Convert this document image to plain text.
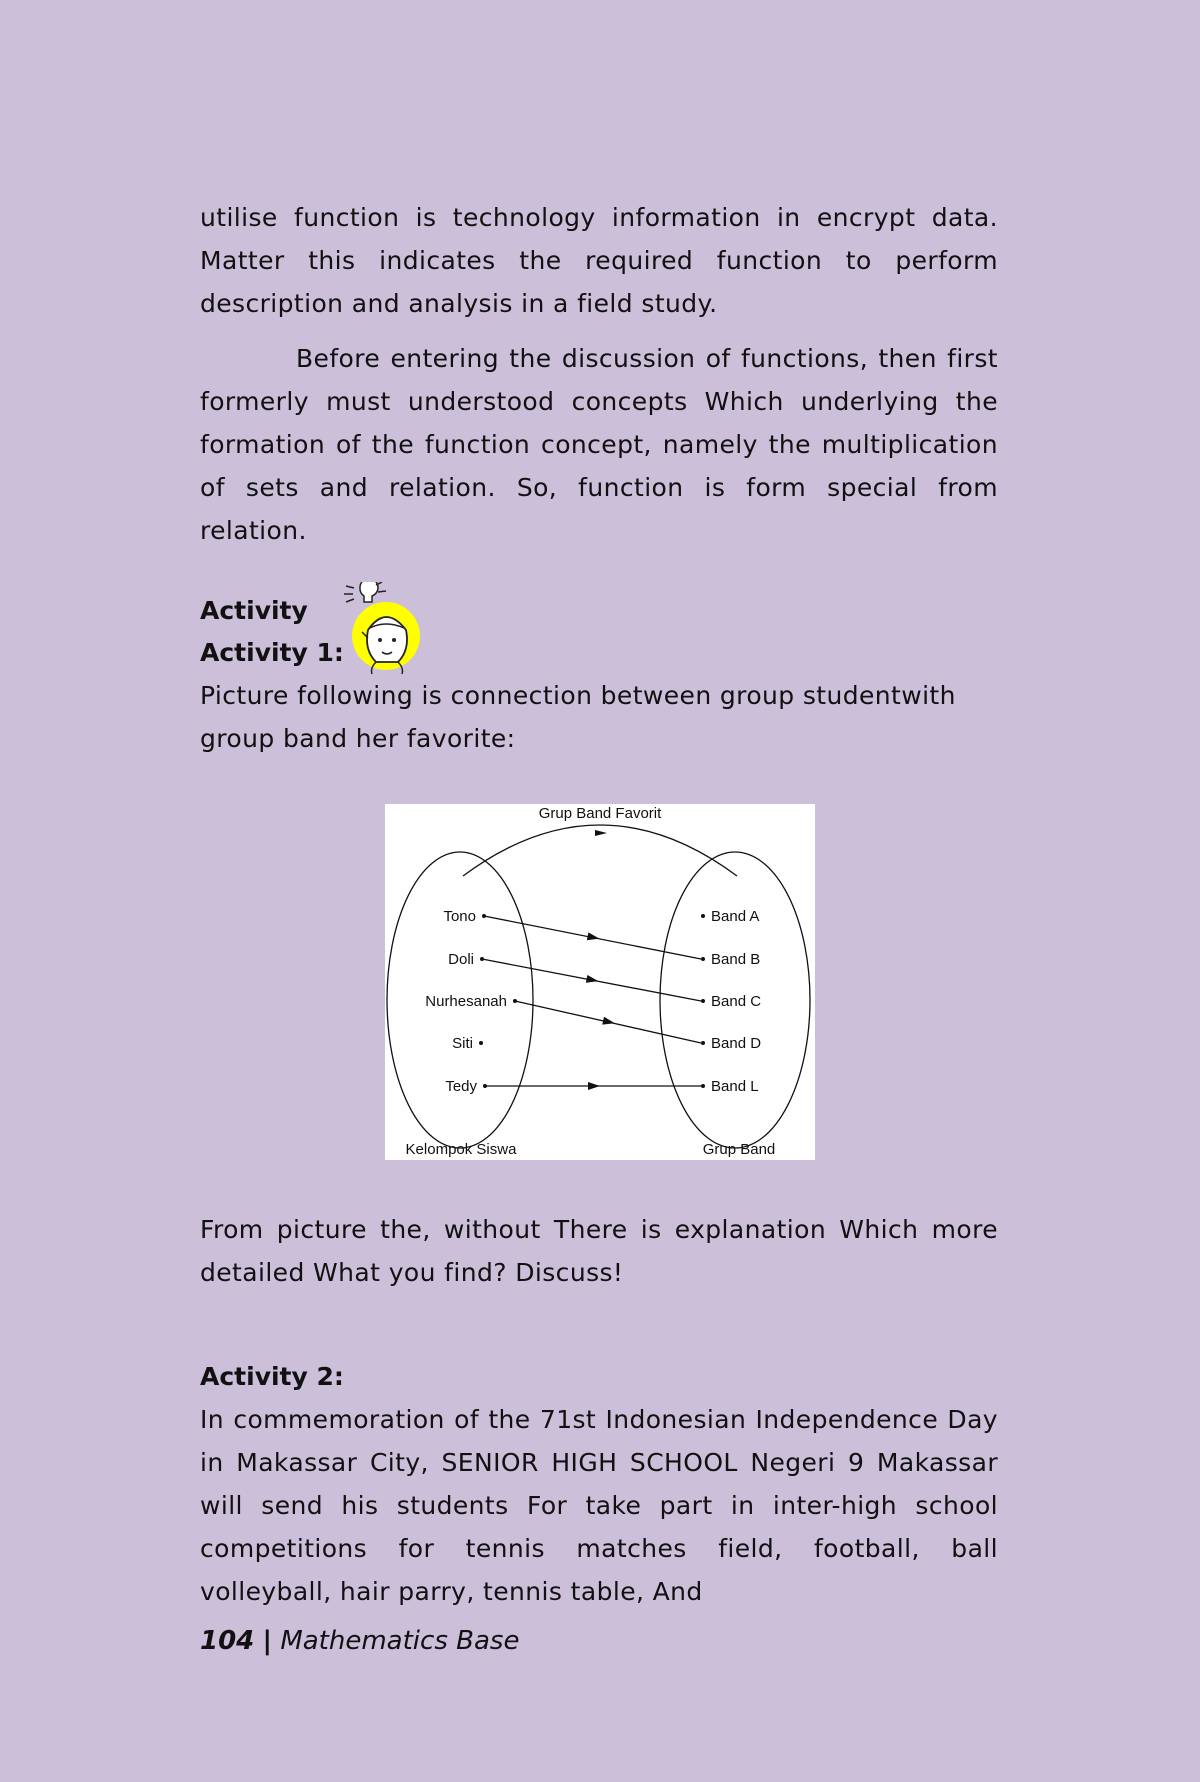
utilise function is technology information in encrypt data. Matter this indicates the required function to perform description and analysis in a field study.

Before entering the discussion of functions, then first formerly must understood concepts Which underlying the formation of the function concept, namely the multiplication of sets and relation. So, function is form special from relation.

Activity

Activity 1:

Picture following is connection between group studentwith group band her favorite:

Grup Band Favorit
Tono
Doli
Nurhesanah
Siti
Tedy
Band A
Band B
Band C
Band D
Band L
Kelompok Siswa	Grup Band

From picture the, without There is explanation Which more detailed What you find? Discuss!

Activity 2:

In commemoration of the 71st Indonesian Independence Day in Makassar City, SENIOR HIGH SCHOOL Negeri 9 Makassar will send his students For take part in inter-high school competitions for tennis matches field, football, ball volleyball, hair parry, tennis table, And

104 | Mathematics Base
